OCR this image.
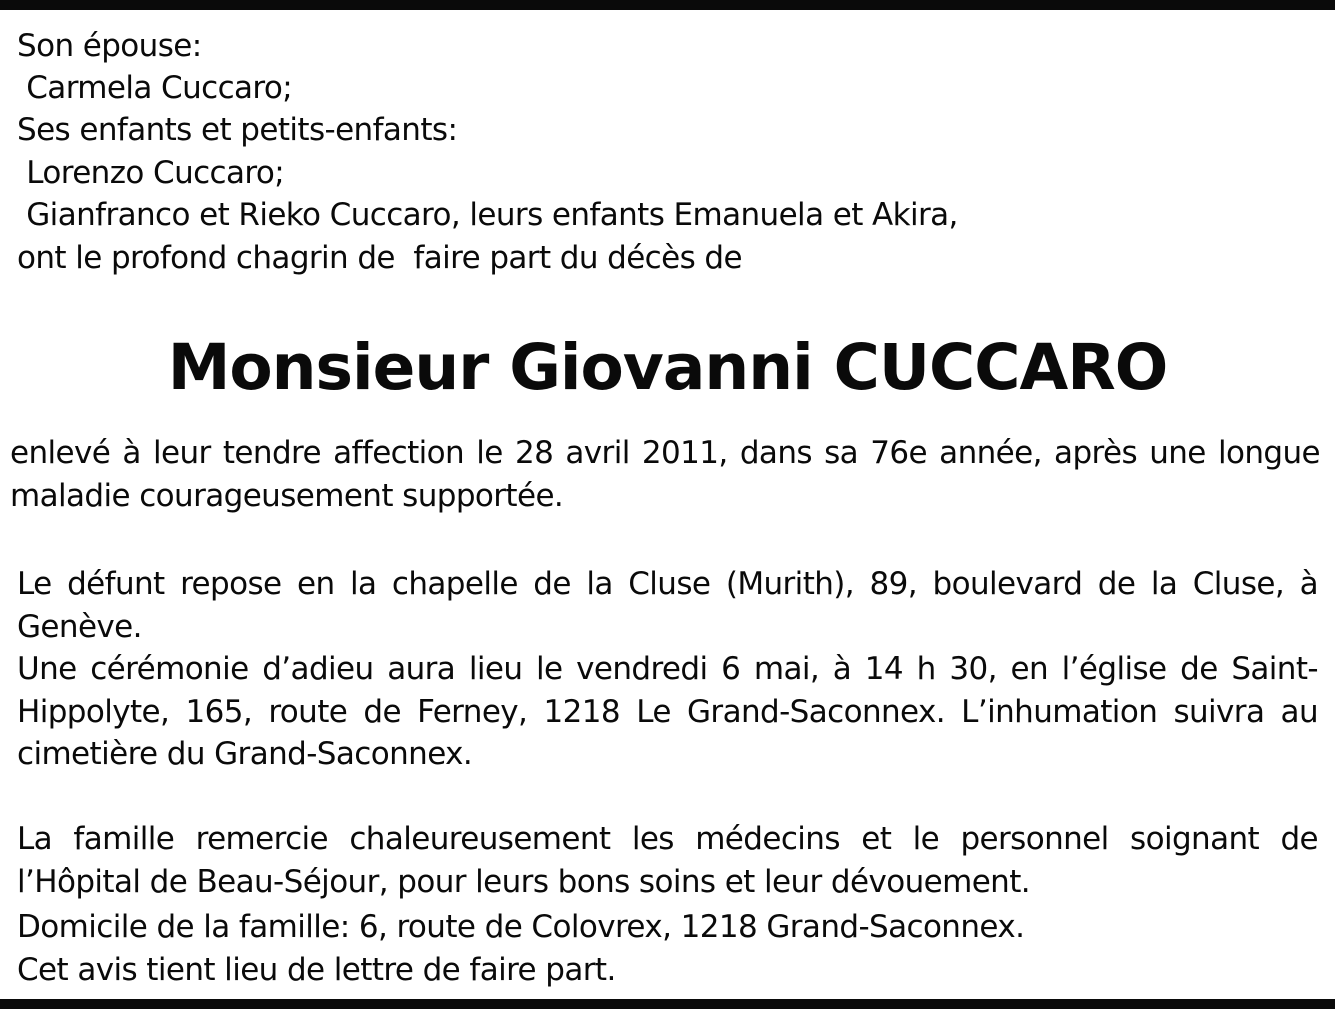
Son épouse:
Carmela Cuccaro;
Ses enfants et petits-enfants:
Lorenzo Cuccaro;
Gianfranco et Rieko Cuccaro, leurs enfants Emanuela et Akira,
ont le profond chagrin de  faire part du décès de
Monsieur Giovanni CUCCARO
enlevé à leur tendre affection le 28 avril 2011, dans sa 76e année, après une longue
maladie courageusement supportée.
Le défunt repose en la chapelle de la Cluse (Murith), 89, boulevard de la Cluse, à
Genève.
Une cérémonie d’adieu aura lieu le vendredi 6 mai, à 14 h 30, en l’église de Saint-
Hippolyte, 165, route de Ferney, 1218 Le Grand-Saconnex. L’inhumation suivra au
cimetière du Grand-Saconnex.
La famille remercie chaleureusement les médecins et le personnel soignant de
l’Hôpital de Beau-Séjour, pour leurs bons soins et leur dévouement.
Domicile de la famille: 6, route de Colovrex, 1218 Grand-Saconnex.
Cet avis tient lieu de lettre de faire part.
